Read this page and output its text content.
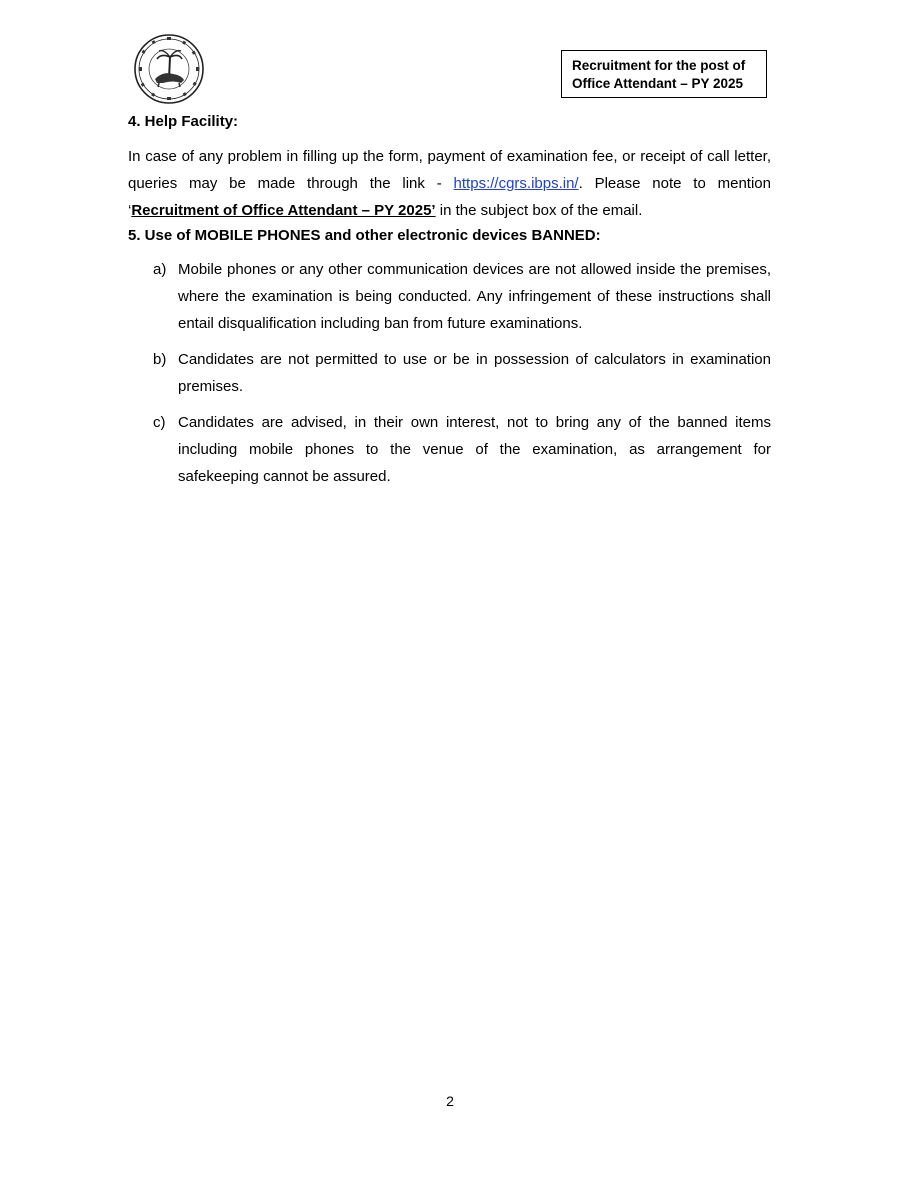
Recruitment for the post of
Office Attendant – PY 2025
4. Help Facility:

In case of any problem in filling up the form, payment of examination fee, or receipt of call letter, queries may be made through the link - https://cgrs.ibps.in/. Please note to mention ‘Recruitment of Office Attendant – PY 2025’ in the subject box of the email.

5. Use of MOBILE PHONES and other electronic devices BANNED:
a) Mobile phones or any other communication devices are not allowed inside the premises, where the examination is being conducted. Any infringement of these instructions shall entail disqualification including ban from future examinations.
b) Candidates are not permitted to use or be in possession of calculators in examination premises.
c) Candidates are advised, in their own interest, not to bring any of the banned items including mobile phones to the venue of the examination, as arrangement for safekeeping cannot be assured.
2
